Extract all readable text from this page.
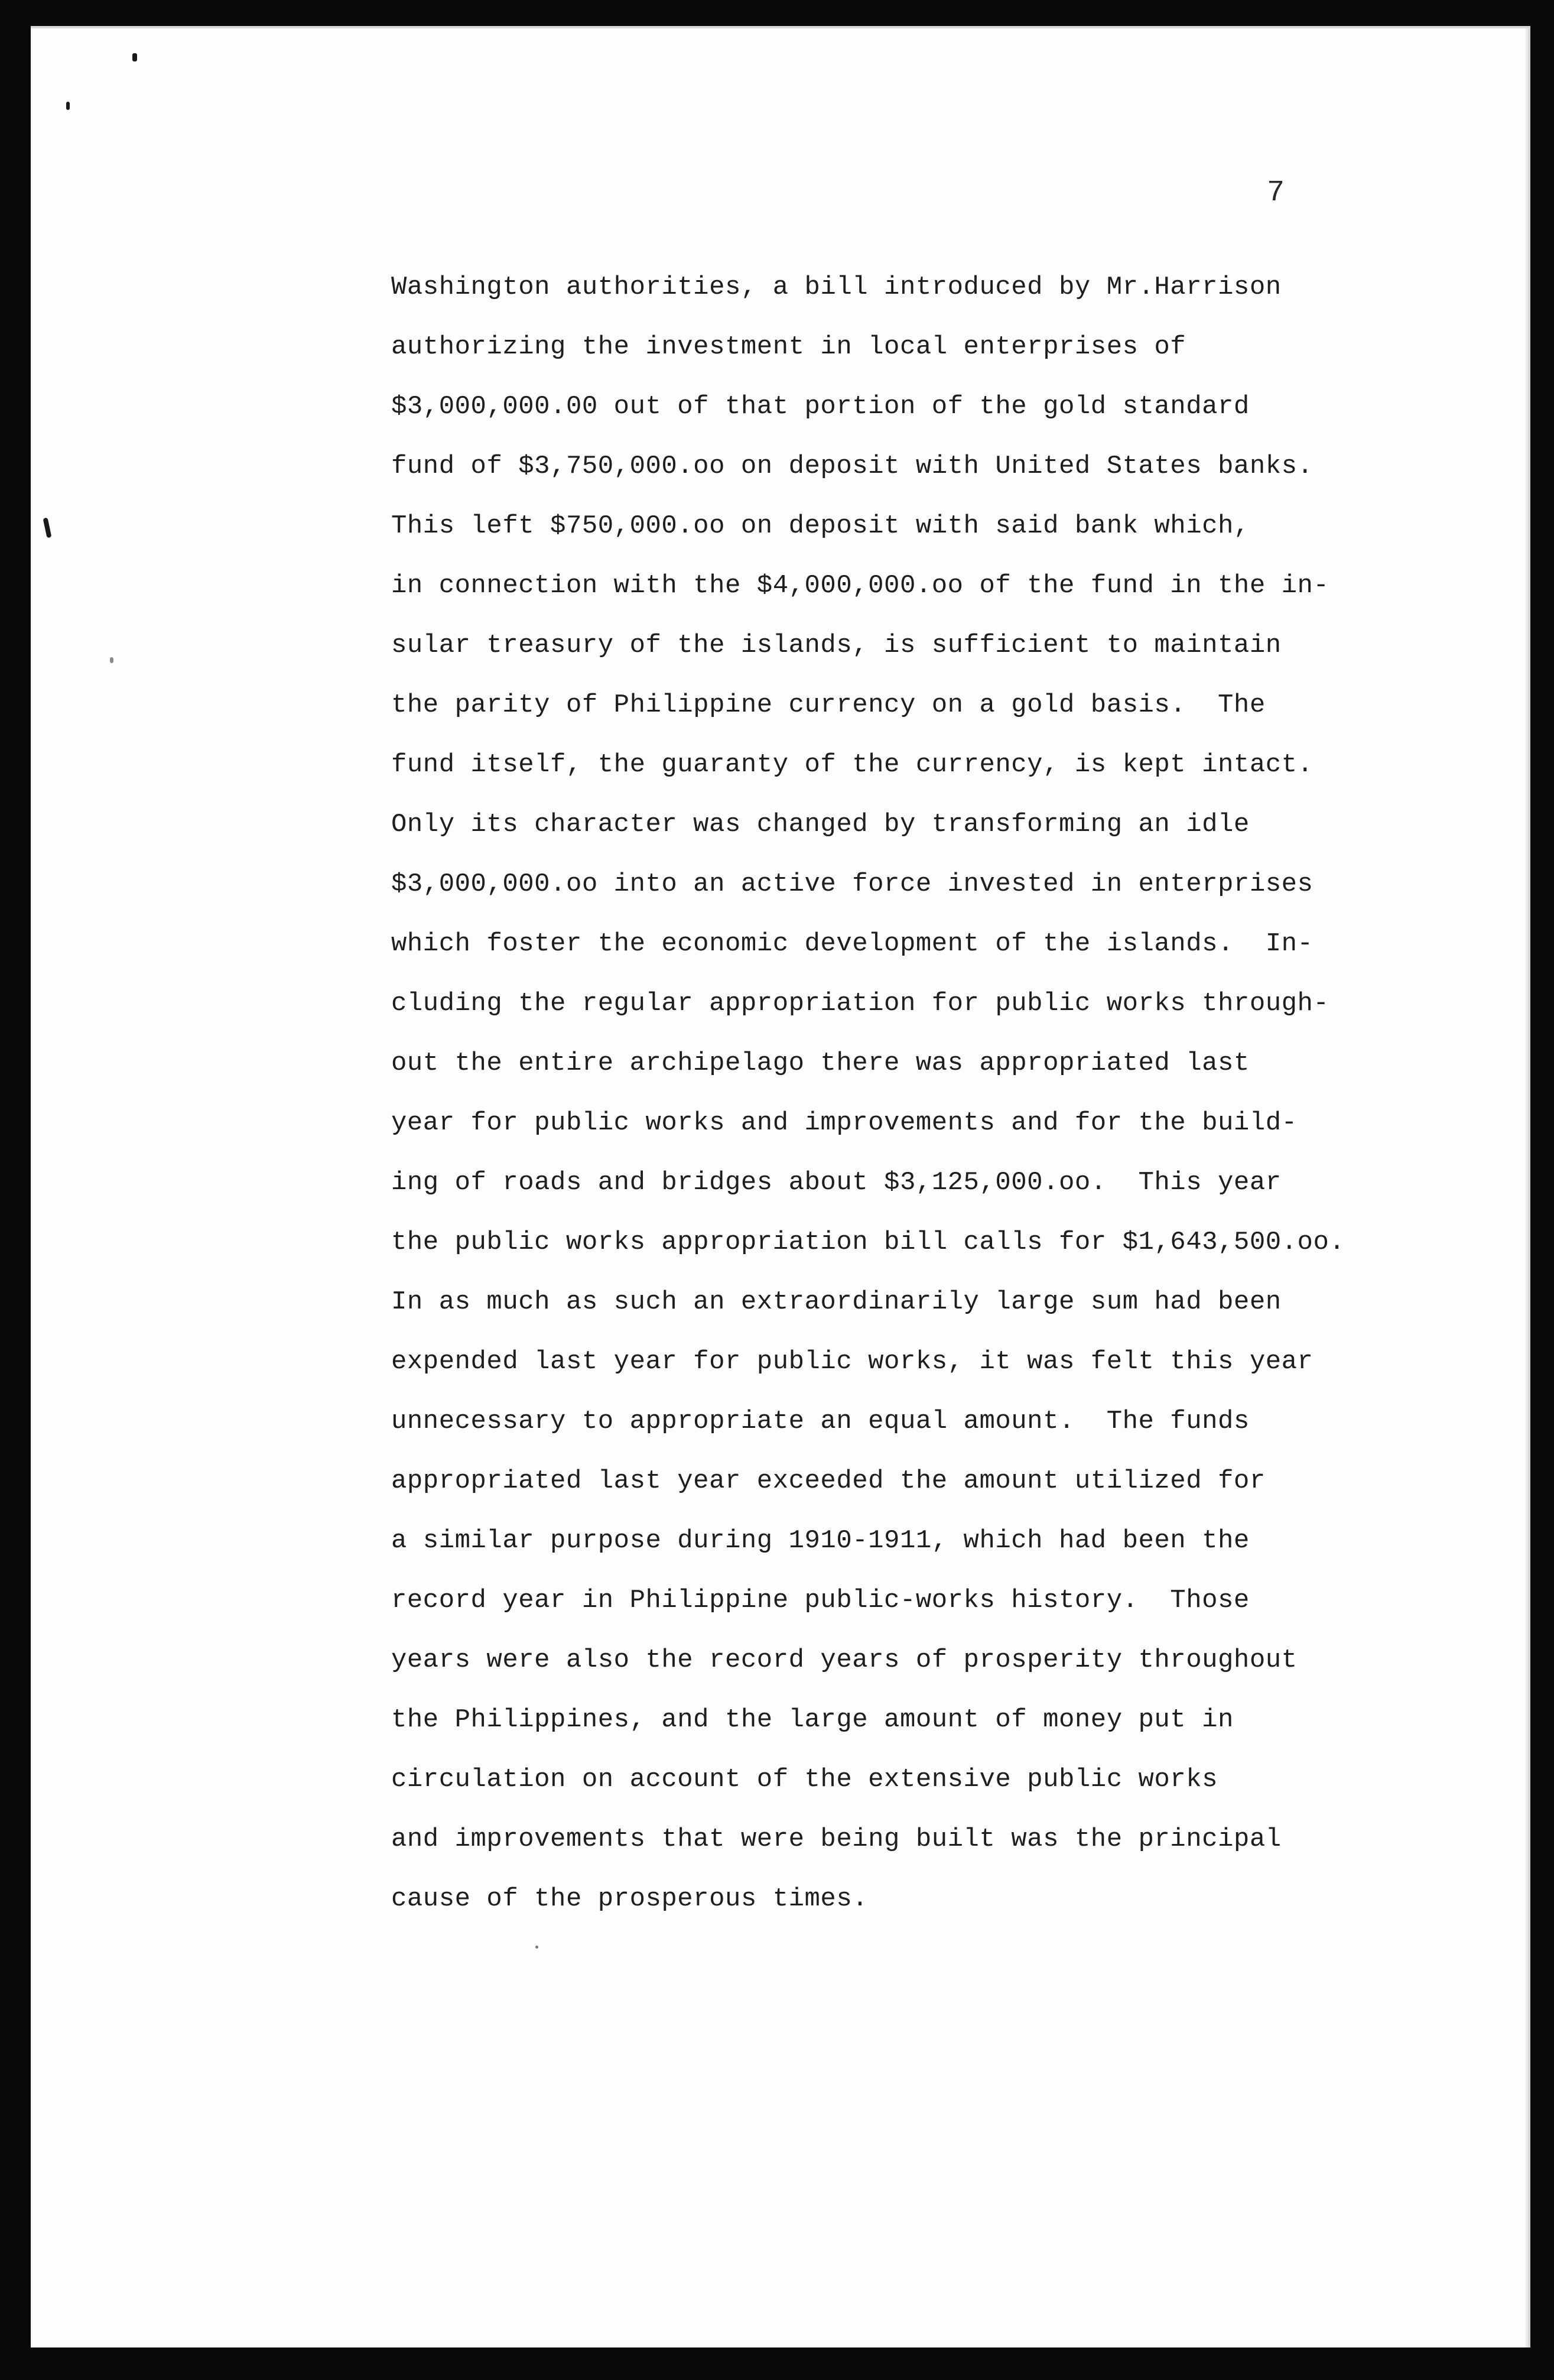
7

Washington authorities, a bill introduced by Mr.Harrison
authorizing the investment in local enterprises of
$3,000,000.00 out of that portion of the gold standard
fund of $3,750,000.oo on deposit with United States banks.
This left $750,000.oo on deposit with said bank which,
in connection with the $4,000,000.oo of the fund in the in-
sular treasury of the islands, is sufficient to maintain
the parity of Philippine currency on a gold basis.  The
fund itself, the guaranty of the currency, is kept intact.
Only its character was changed by transforming an idle
$3,000,000.oo into an active force invested in enterprises
which foster the economic development of the islands.  In-
cluding the regular appropriation for public works through-
out the entire archipelago there was appropriated last
year for public works and improvements and for the build-
ing of roads and bridges about $3,125,000.oo.  This year
the public works appropriation bill calls for $1,643,500.oo.
In as much as such an extraordinarily large sum had been
expended last year for public works, it was felt this year
unnecessary to appropriate an equal amount.  The funds
appropriated last year exceeded the amount utilized for
a similar purpose during 1910-1911, which had been the
record year in Philippine public-works history.  Those
years were also the record years of prosperity throughout
the Philippines, and the large amount of money put in
circulation on account of the extensive public works
and improvements that were being built was the principal
cause of the prosperous times.
